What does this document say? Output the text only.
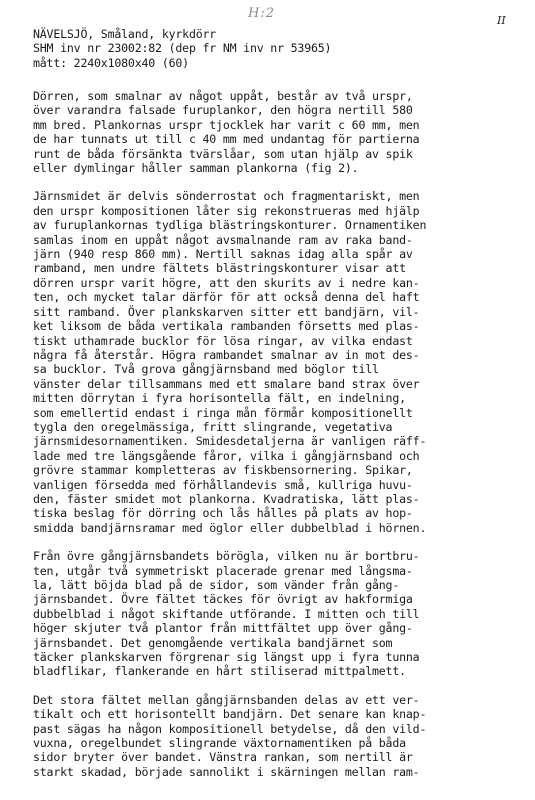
H:2	II
NÄVELSJÖ, Småland, kyrkdörr
SHM inv nr 23002:82 (dep fr NM inv nr 53965)
mått: 2240x1080x40 (60)
Dörren, som smalnar av något uppåt, består av två urspr,
över varandra falsade furuplankor, den högra nertill 580
mm bred. Plankornas urspr tjocklek har varit c 60 mm, men
de har tunnats ut till c 40 mm med undantag för partierna
runt de båda försänkta tvärslåar, som utan hjälp av spik
eller dymlingar håller samman plankorna (fig 2).
Järnsmidet är delvis sönderrostat och fragmentariskt, men
den urspr kompositionen låter sig rekonstrueras med hjälp
av furuplankornas tydliga blästringskonturer. Ornamentiken
samlas inom en uppåt något avsmalnande ram av raka band-
järn (940 resp 860 mm). Nertill saknas idag alla spår av
ramband, men undre fältets blästringskonturer visar att
dörren urspr varit högre, att den skurits av i nedre kan-
ten, och mycket talar därför för att också denna del haft
sitt ramband. Över plankskarven sitter ett bandjärn, vil-
ket liksom de båda vertikala rambanden försetts med plas-
tiskt uthamrade bucklor för lösa ringar, av vilka endast
några få återstår. Högra rambandet smalnar av in mot des-
sa bucklor. Två grova gångjärnsband med böglor till
vänster delar tillsammans med ett smalare band strax över
mitten dörrytan i fyra horisontella fält, en indelning,
som emellertid endast i ringa mån förmår kompositionellt
tygla den oregelmässiga, fritt slingrande, vegetativa
järnsmidesornamentiken. Smidesdetaljerna är vanligen räff-
lade med tre längsgående fåror, vilka i gångjärnsband och
grövre stammar kompletteras av fiskbensornering. Spikar,
vanligen försedda med förhållandevis små, kullriga huvu-
den, fäster smidet mot plankorna. Kvadratiska, lätt plas-
tiska beslag för dörring och lås hålles på plats av hop-
smidda bandjärnsramar med öglor eller dubbelblad i hörnen.
Från övre gångjärnsbandets börögla, vilken nu är bortbru-
ten, utgår två symmetriskt placerade grenar med långsma-
la, lätt böjda blad på de sidor, som vänder från gång-
järnsbandet. Övre fältet täckes för övrigt av hakformiga
dubbelblad i något skiftande utförande. I mitten och till
höger skjuter två plantor från mittfältet upp över gång-
järnsbandet. Det genomgående vertikala bandjärnet som
täcker plankskarven förgrenar sig längst upp i fyra tunna
bladflikar, flankerande en hårt stiliserad mittpalmett.
Det stora fältet mellan gångjärnsbanden delas av ett ver-
tikalt och ett horisontellt bandjärn. Det senare kan knap-
past sägas ha någon kompositionell betydelse, då den vild-
vuxna, oregelbundet slingrande växtornamentiken på båda
sidor bryter över bandet. Vänstra rankan, som nertill är
starkt skadad, började sannolikt i skärningen mellan ram-
